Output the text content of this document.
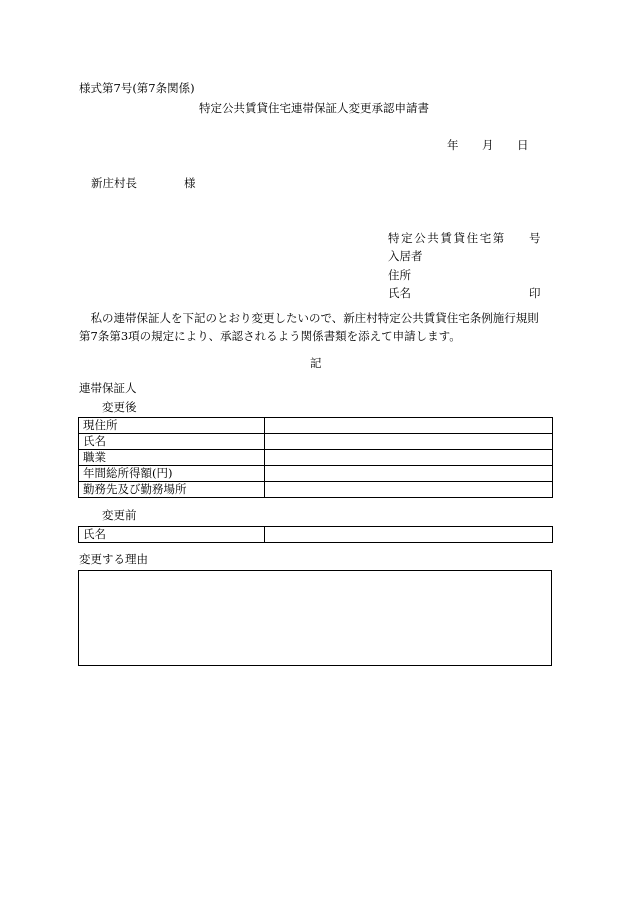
様式第7号(第7条関係)
特定公共賃貸住宅連帯保証人変更承認申請書
年 月 日
新庄村長	様
特定公共賃貸住宅第 号
入居者
住所
氏名	印
　私の連帯保証人を下記のとおり変更したいので、新庄村特定公共賃貸住宅条例施行規則
第7条第3項の規定により、承認されるよう関係書類を添えて申請します。
記
連帯保証人
変更後
現住所	
氏名	
職業	
年間総所得額(円)	
勤務先及び勤務場所	
変更前
氏名	
変更する理由
